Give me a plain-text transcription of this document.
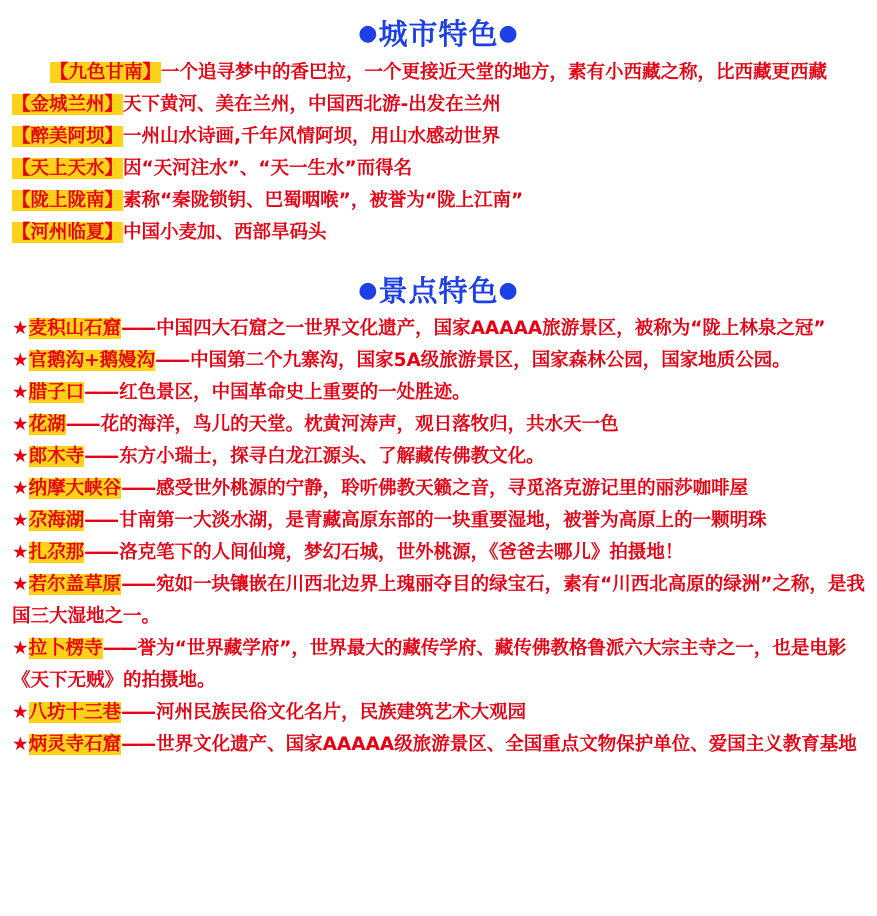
●城市特色●
【九色甘南】一个追寻梦中的香巴拉，一个更接近天堂的地方，素有小西藏之称，比西藏更西藏
【金城兰州】天下黄河、美在兰州，中国西北游-出发在兰州
【醉美阿坝】一州山水诗画,千年风情阿坝，用山水感动世界
【天上天水】因“天河注水”、“天一生水”而得名
【陇上陇南】素称“秦陇锁钥、巴蜀咽喉”，被誉为“陇上江南”
【河州临夏】中国小麦加、西部旱码头
●景点特色●
★麦积山石窟—— 中国四大石窟之一世界文化遗产，国家AAAAA旅游景区，被称为“陇上林泉之冠”
★官鹅沟+鹅嫚沟—— 中国第二个九寨沟，国家5A级旅游景区，国家森林公园，国家地质公园。
★腊子口—— 红色景区，中国革命史上重要的一处胜迹。
★花湖—— 花的海洋，鸟儿的天堂。枕黄河涛声，观日落牧归，共水天一色
★郎木寺—— 东方小瑞士，探寻白龙江源头、了解藏传佛教文化。
★纳摩大峡谷—— 感受世外桃源的宁静，聆听佛教天籁之音，寻觅洛克游记里的丽莎咖啡屋
★尕海湖—— 甘南第一大淡水湖，是青藏高原东部的一块重要湿地，被誉为高原上的一颗明珠
★扎尕那—— 洛克笔下的人间仙境，梦幻石城，世外桃源，《爸爸去哪儿》拍摄地！
★若尔盖草原—— 宛如一块镶嵌在川西北边界上瑰丽夺目的绿宝石，素有“川西北高原的绿洲”之称，是我国三大湿地之一。
★拉卜楞寺—— 誉为“世界藏学府”，世界最大的藏传学府、藏传佛教格鲁派六大宗主寺之一，也是电影《天下无贼》的拍摄地。
★八坊十三巷—— 河州民族民俗文化名片，民族建筑艺术大观园
★炳灵寺石窟—— 世界文化遗产、国家AAAAA级旅游景区、全国重点文物保护单位、爱国主义教育基地
